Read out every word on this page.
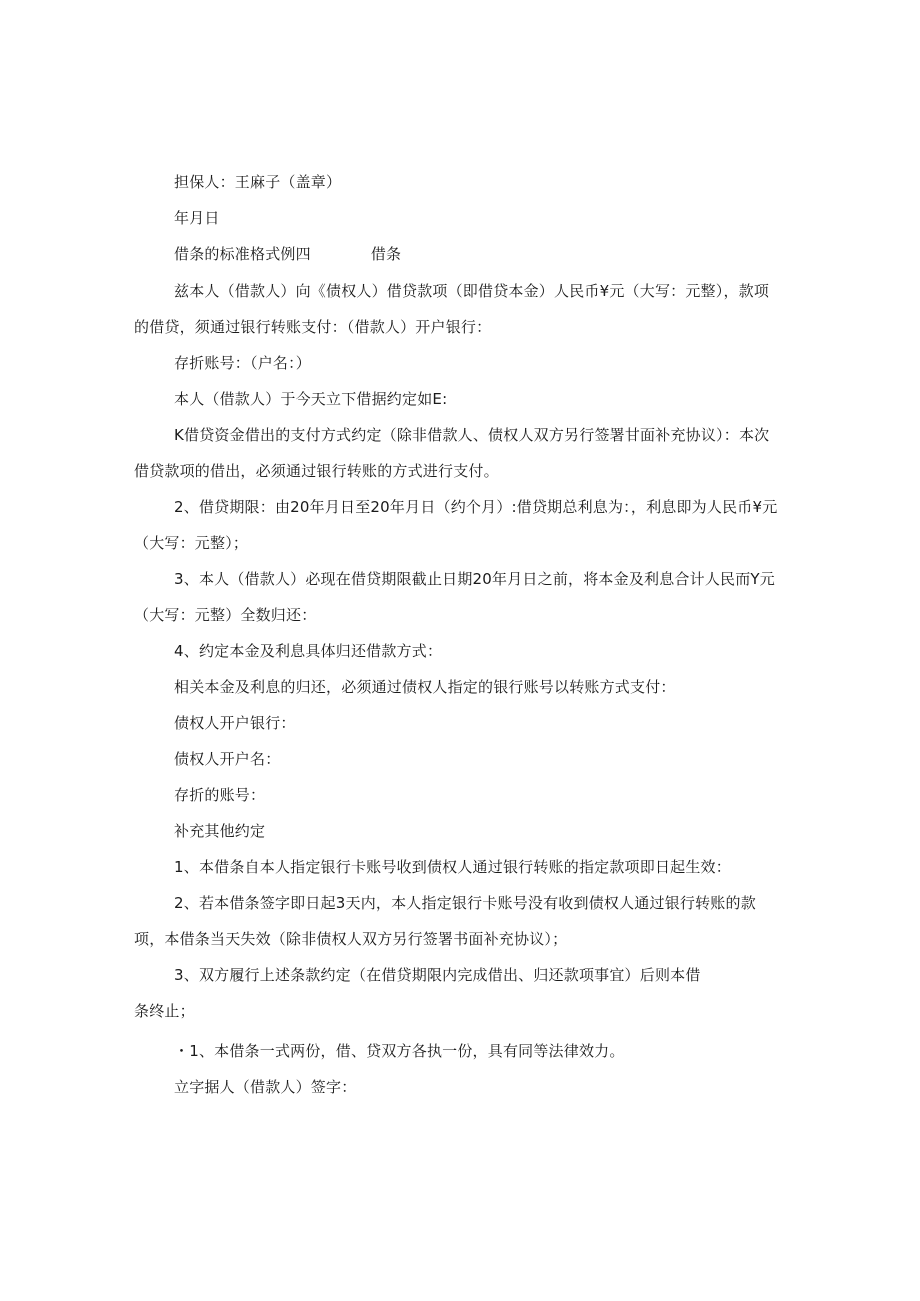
担保人：王麻子（盖章）
年月日
借条的标准格式例四	借条
兹本人（借款人）向《债权人）借贷款项（即借贷本金）人民币¥元（大写：元整），款项
的借贷，须通过银行转账支付：（借款人）开户银行：
存折账号：（户名：）
本人（借款人）于今天立下借据约定如E:
K借贷资金借出的支付方式约定（除非借款人、债权人双方另行签署甘面补充协议）：本次
借贷款项的借出，必须通过银行转账的方式进行支付。
2、借贷期限：由20年月日至20年月日（约个月）:借贷期总利息为：，利息即为人民币¥元
（大写：元整）；
3、本人（借款人）必现在借贷期限截止日期20年月日之前，将本金及利息合计人民而Y元
（大写：元整）全数归还：
4、约定本金及利息具体归还借款方式：
相关本金及利息的归还，必须通过债权人指定的银行账号以转账方式支付：
债权人开户银行：
债权人开户名：
存折的账号：
补充其他约定
1、本借条自本人指定银行卡账号收到债权人通过银行转账的指定款项即日起生效：
2、若本借条签字即日起3天内，本人指定银行卡账号没有收到债权人通过银行转账的款
项，本借条当天失效（除非债权人双方另行签署书面补充协议）；
3、双方履行上述条款约定（在借贷期限内完成借出、归还款项事宜）后则本借
条终止；
・1、本借条一式两份，借、贷双方各执一份，具有同等法律效力。
立字据人（借款人）签字：
